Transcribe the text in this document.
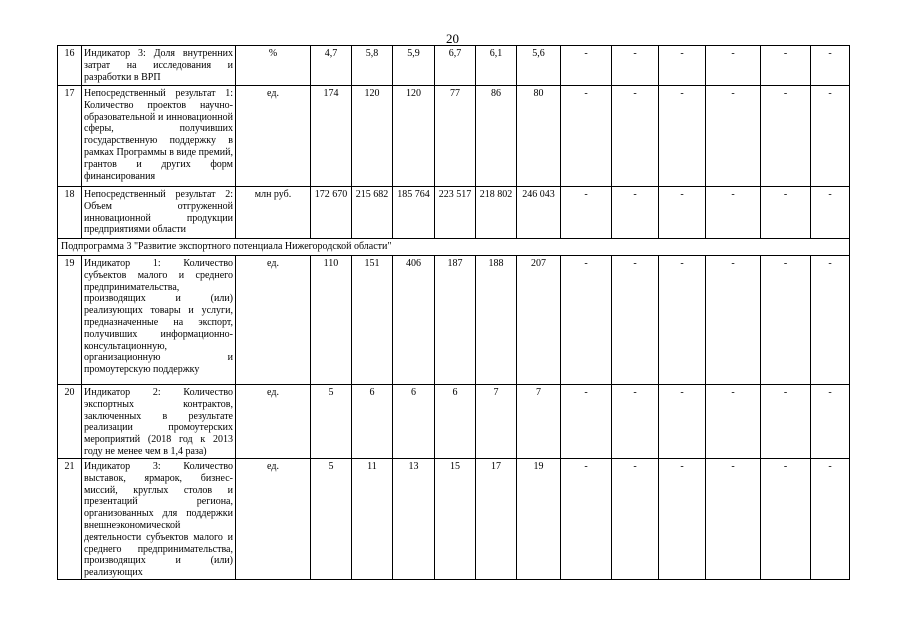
20
16	Индикатор 3: Доля внутренних затрат на исследования и разработки в ВРП	%	4,7	5,8	5,9	6,7	6,1	5,6	-	-	-	-	-	-
17	Непосредственный результат 1: Количество проектов научно-образовательной и инновационной сферы, получивших государственную поддержку в рамках Программы в виде премий, грантов и других форм финансирования	ед.	174	120	120	77	86	80	-	-	-	-	-	-
18	Непосредственный результат 2: Объем отгруженной инновационной продукции предприятиями области	млн руб.	172 670	215 682	185 764	223 517	218 802	246 043	-	-	-	-	-	-
Подпрограмма 3 "Развитие экспортного потенциала Нижегородской области"														
19	Индикатор 1: Количество субъектов малого и среднего предпринимательства, производящих и (или) реализующих товары и услуги, предназначенные на экспорт, получивших информационно-консультационную, организационную и промоутерскую поддержку	ед.	110	151	406	187	188	207	-	-	-	-	-	-
20	Индикатор 2: Количество экспортных контрактов, заключенных в результате реализации промоутерских мероприятий (2018 год к 2013 году не менее чем в 1,4 раза)	ед.	5	6	6	6	7	7	-	-	-	-	-	-
21	Индикатор 3: Количество выставок, ярмарок, бизнес-миссий, круглых столов и презентаций региона, организованных для поддержки внешнеэкономической деятельности субъектов малого и среднего предпринимательства, производящих и (или) реализующих	ед.	5	11	13	15	17	19	-	-	-	-	-	-
